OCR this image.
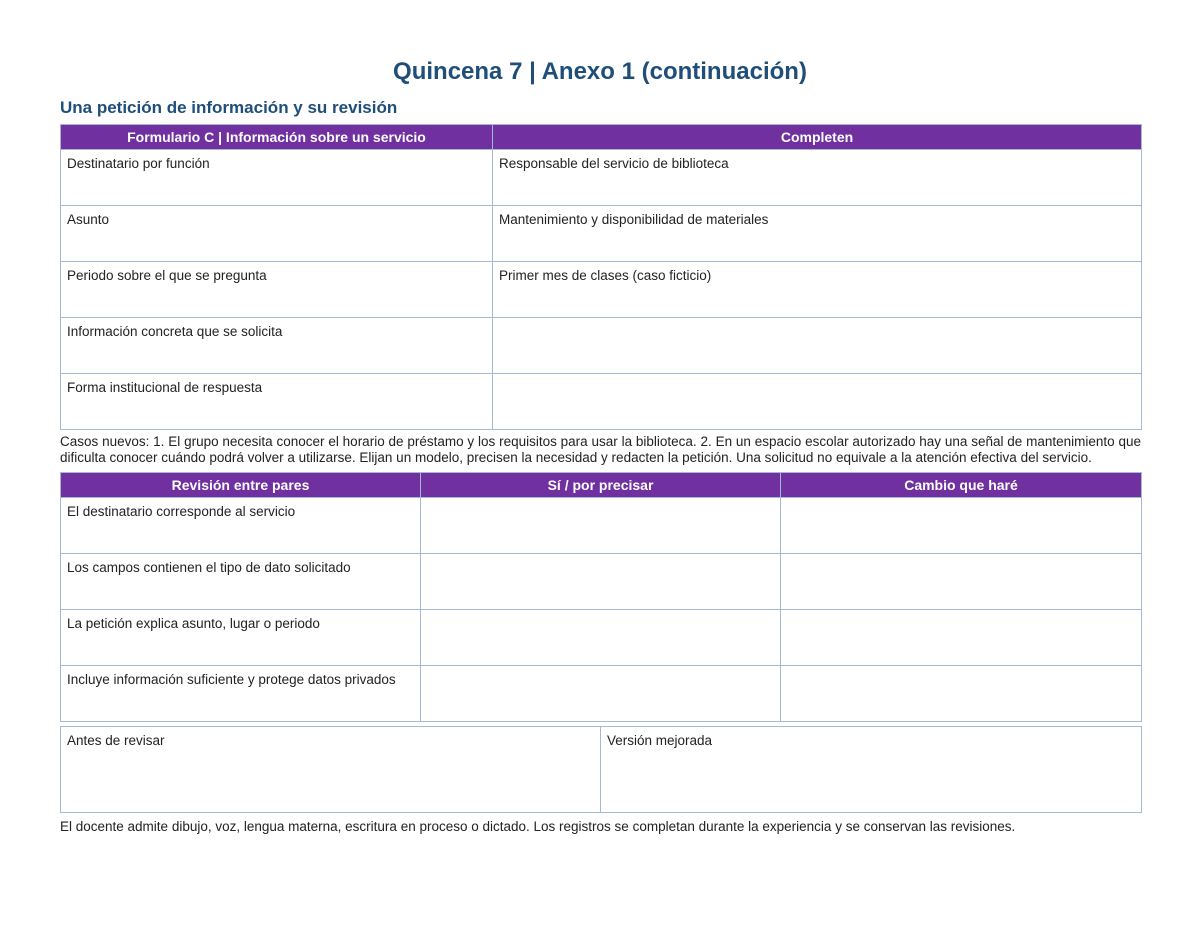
Quincena 7 | Anexo 1 (continuación)
Una petición de información y su revisión
Formulario C | Información sobre un servicio	Completen
Destinatario por función	Responsable del servicio de biblioteca
Asunto	Mantenimiento y disponibilidad de materiales
Periodo sobre el que se pregunta	Primer mes de clases (caso ficticio)
Información concreta que se solicita	
Forma institucional de respuesta	

Casos nuevos: 1. El grupo necesita conocer el horario de préstamo y los requisitos para usar la biblioteca. 2. En un espacio escolar autorizado hay una señal de mantenimiento que dificulta conocer cuándo podrá volver a utilizarse. Elijan un modelo, precisen la necesidad y redacten la petición. Una solicitud no equivale a la atención efectiva del servicio.

Revisión entre pares	Sí / por precisar	Cambio que haré
El destinatario corresponde al servicio		
Los campos contienen el tipo de dato solicitado		
La petición explica asunto, lugar o periodo		
Incluye información suficiente y protege datos privados		
Antes de revisar	Versión mejorada

El docente admite dibujo, voz, lengua materna, escritura en proceso o dictado. Los registros se completan durante la experiencia y se conservan las revisiones.
